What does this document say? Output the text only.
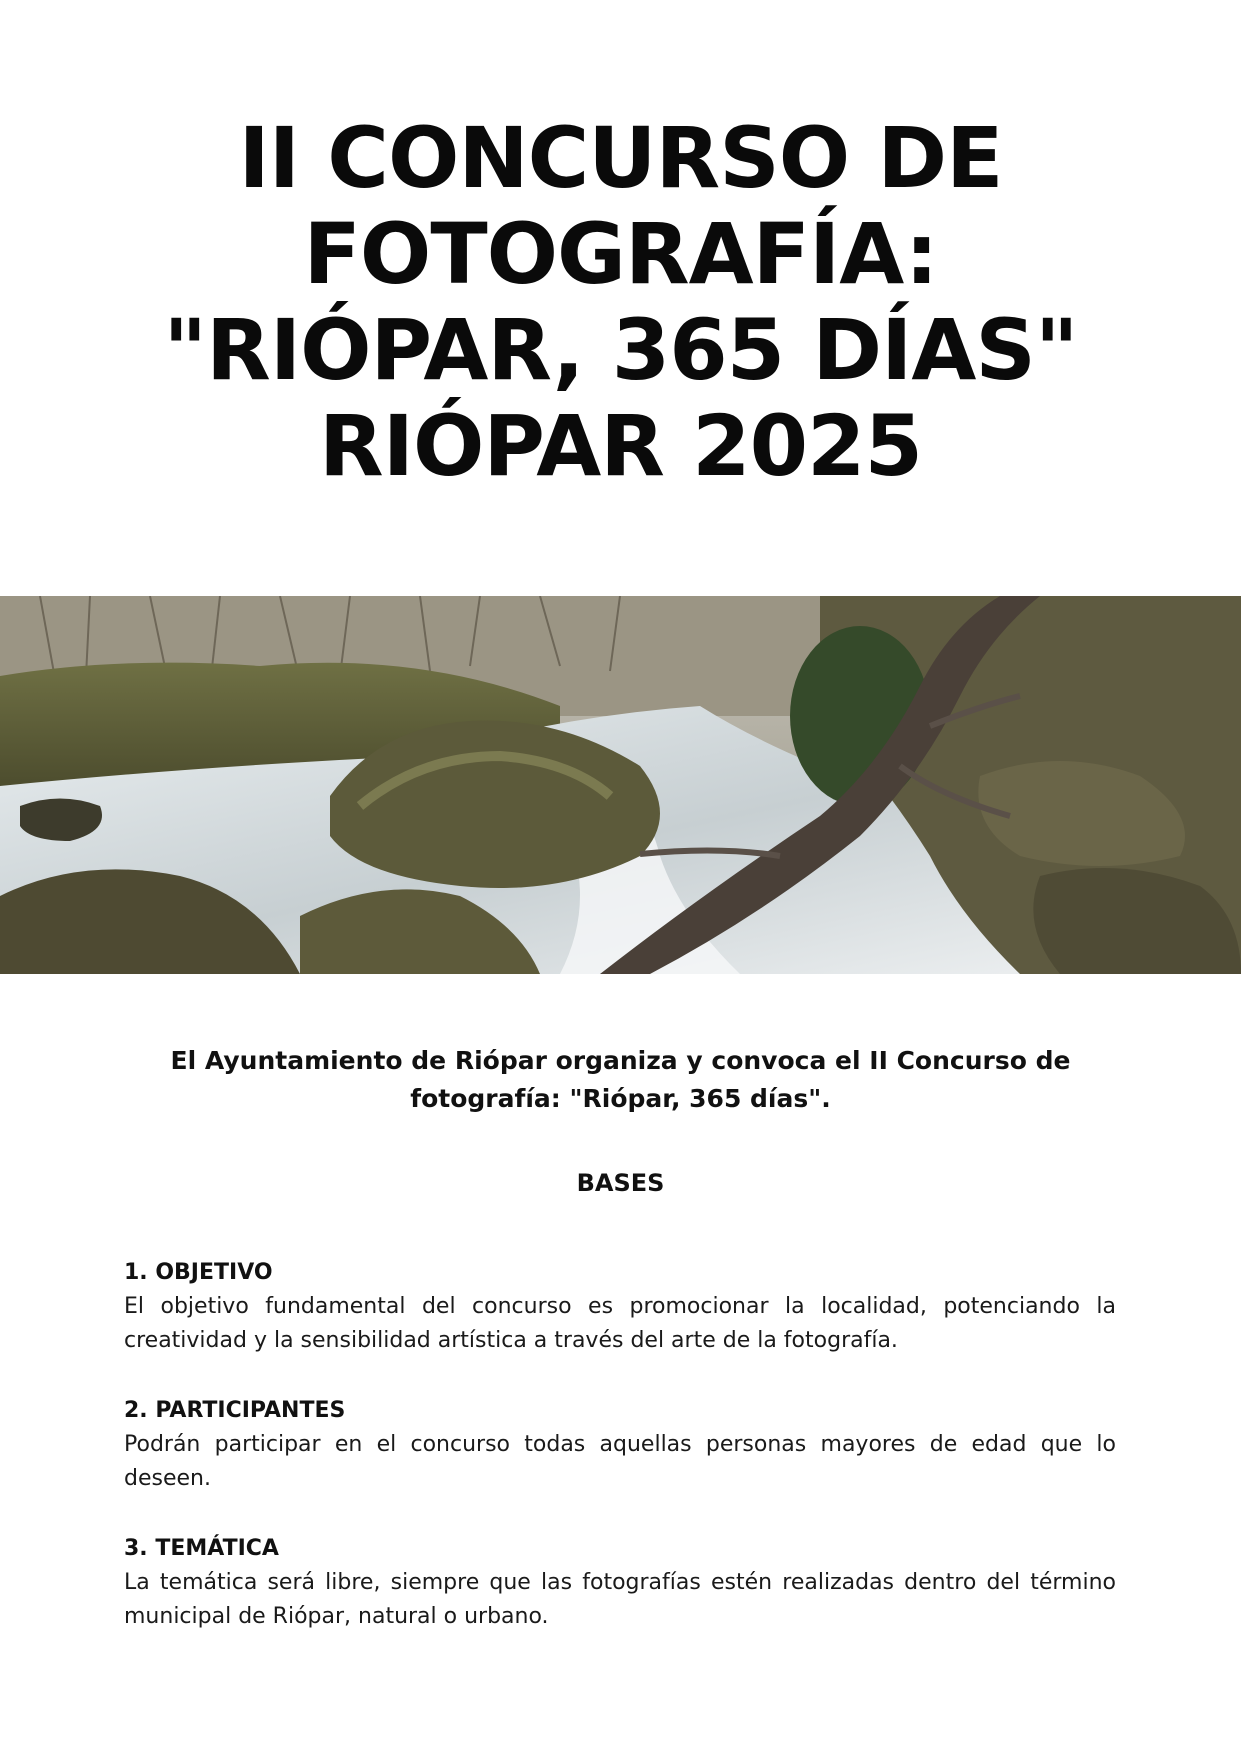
II CONCURSO DE
FOTOGRAFÍA:
"RIÓPAR, 365 DÍAS"
RIÓPAR 2025

El Ayuntamiento de Riópar organiza y convoca el II Concurso de fotografía: "Riópar, 365 días".

BASES
1. OBJETIVO

El objetivo fundamental del concurso es promocionar la localidad, potenciando la creatividad y la sensibilidad artística a través del arte de la fotografía.

2. PARTICIPANTES

Podrán participar en el concurso todas aquellas personas mayores de edad que lo deseen.

3. TEMÁTICA

La temática será libre, siempre que las fotografías estén realizadas dentro del término municipal de Riópar, natural o urbano.
